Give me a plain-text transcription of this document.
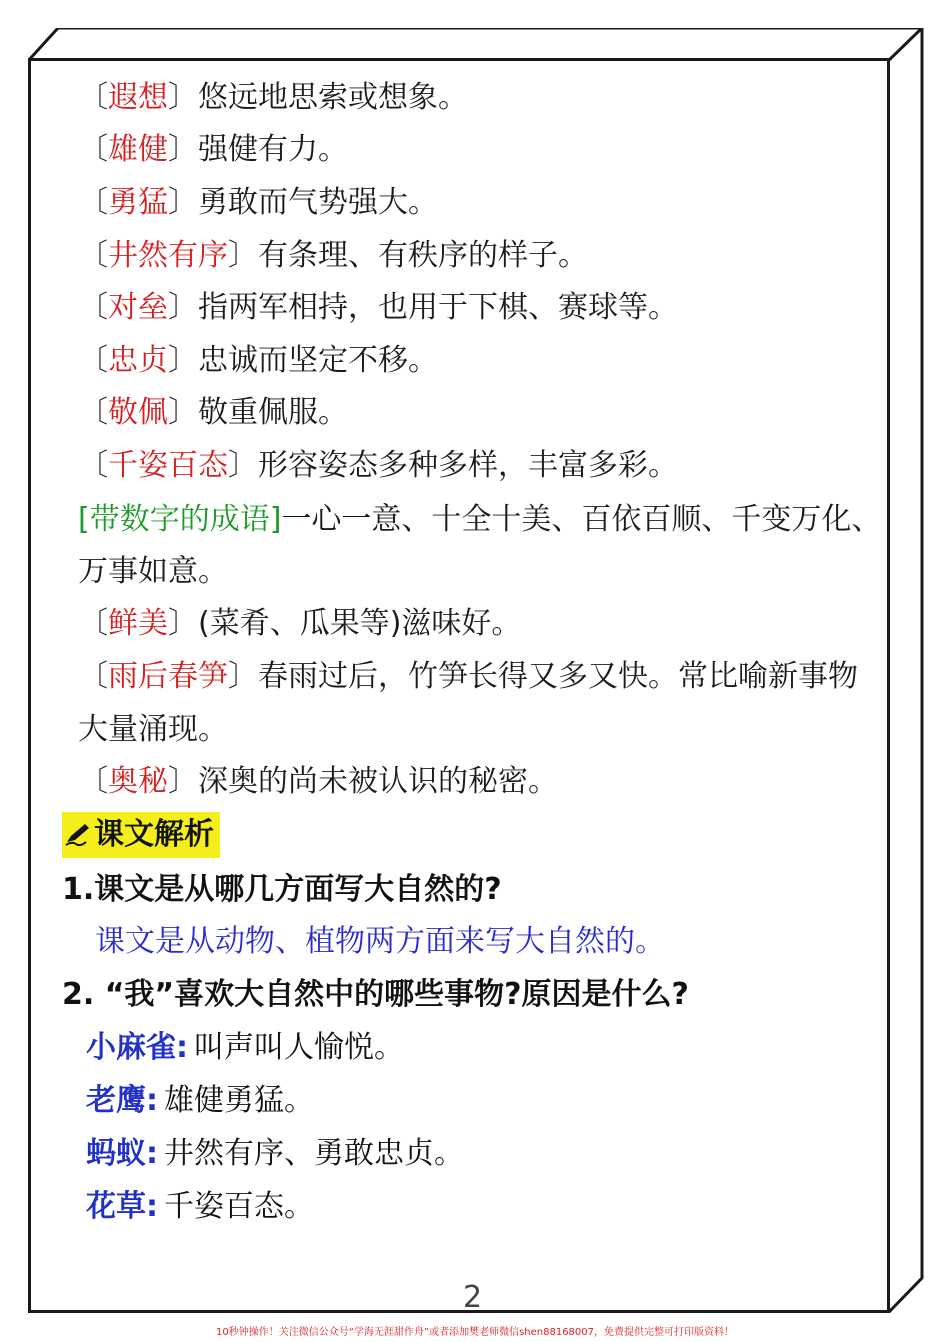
〔遐想〕悠远地思索或想象。
〔雄健〕强健有力。
〔勇猛〕勇敢而气势强大。
〔井然有序〕有条理、有秩序的样子。
〔对垒〕指两军相持，也用于下棋、赛球等。
〔忠贞〕忠诚而坚定不移。
〔敬佩〕敬重佩服。
〔千姿百态〕形容姿态多种多样，丰富多彩。
[带数字的成语]一心一意、十全十美、百依百顺、千变万化、
万事如意。
〔鲜美〕(菜肴、瓜果等)滋味好。
〔雨后春笋〕春雨过后，竹笋长得又多又快。常比喻新事物
大量涌现。
〔奥秘〕深奥的尚未被认识的秘密。
课文解析
1.课文是从哪几方面写大自然的?
课文是从动物、植物两方面来写大自然的。
2. “我”喜欢大自然中的哪些事物?原因是什么?
小麻雀: 叫声叫人愉悦。
老鹰: 雄健勇猛。
蚂蚁: 井然有序、勇敢忠贞。
花草: 千姿百态。
2
10秒钟操作！关注微信公众号“学海无涯甜作舟”或者添加樊老师微信shen88168007，免费提供完整可打印版资料！
